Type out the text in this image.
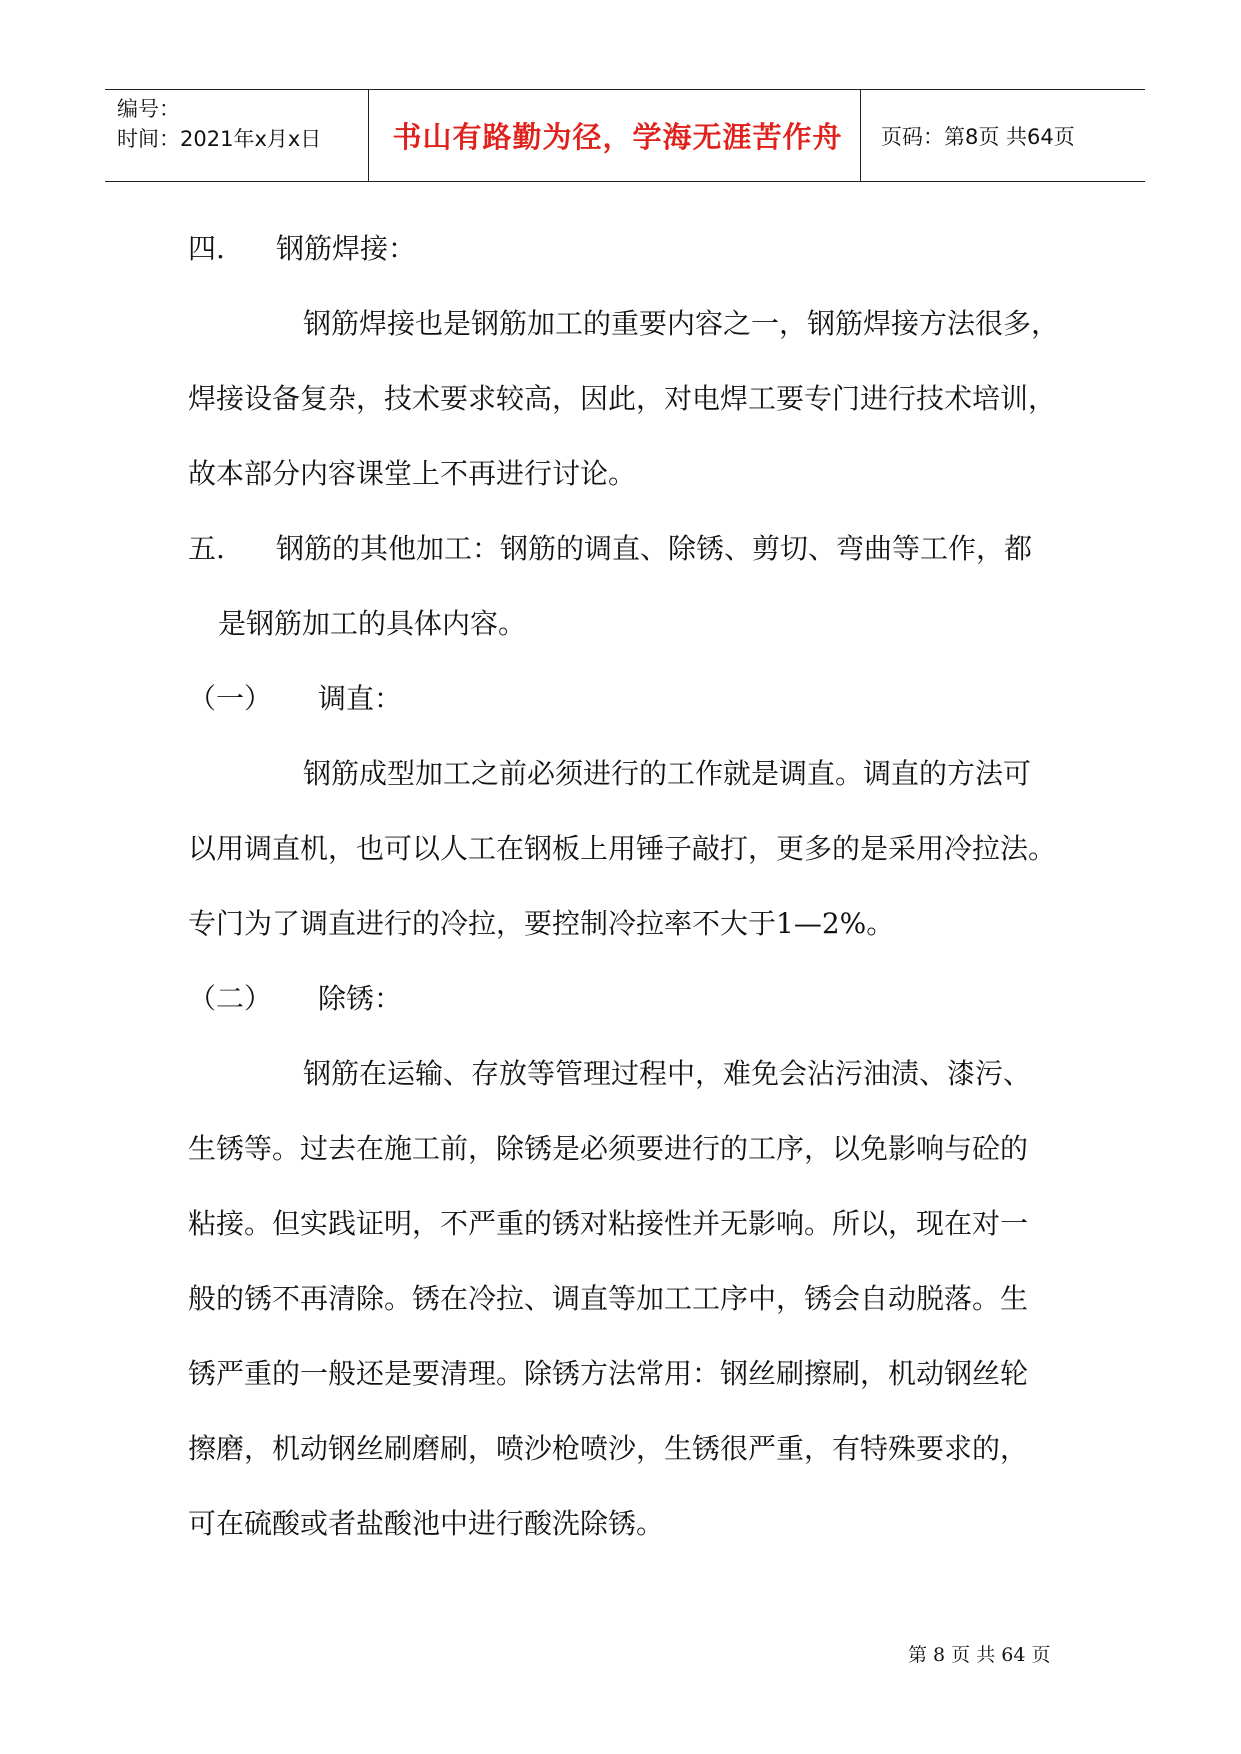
编号：
时间：2021年x月x日	书山有路勤为径，学海无涯苦作舟	页码：第8页 共64页
四. 钢筋焊接：
钢筋焊接也是钢筋加工的重要内容之一，钢筋焊接方法很多，
焊接设备复杂，技术要求较高，因此，对电焊工要专门进行技术培训，
故本部分内容课堂上不再进行讨论。
五. 钢筋的其他加工：钢筋的调直、除锈、剪切、弯曲等工作，都
是钢筋加工的具体内容。
（一） 调直：
钢筋成型加工之前必须进行的工作就是调直。调直的方法可
以用调直机，也可以人工在钢板上用锤子敲打，更多的是采用冷拉法。
专门为了调直进行的冷拉，要控制冷拉率不大于1—2%。
（二） 除锈：
钢筋在运输、存放等管理过程中，难免会沾污油渍、漆污、
生锈等。过去在施工前，除锈是必须要进行的工序，以免影响与砼的
粘接。但实践证明，不严重的锈对粘接性并无影响。所以，现在对一
般的锈不再清除。锈在冷拉、调直等加工工序中，锈会自动脱落。生
锈严重的一般还是要清理。除锈方法常用：钢丝刷擦刷，机动钢丝轮
擦磨，机动钢丝刷磨刷，喷沙枪喷沙，生锈很严重，有特殊要求的，
可在硫酸或者盐酸池中进行酸洗除锈。
第 8 页 共 64 页
